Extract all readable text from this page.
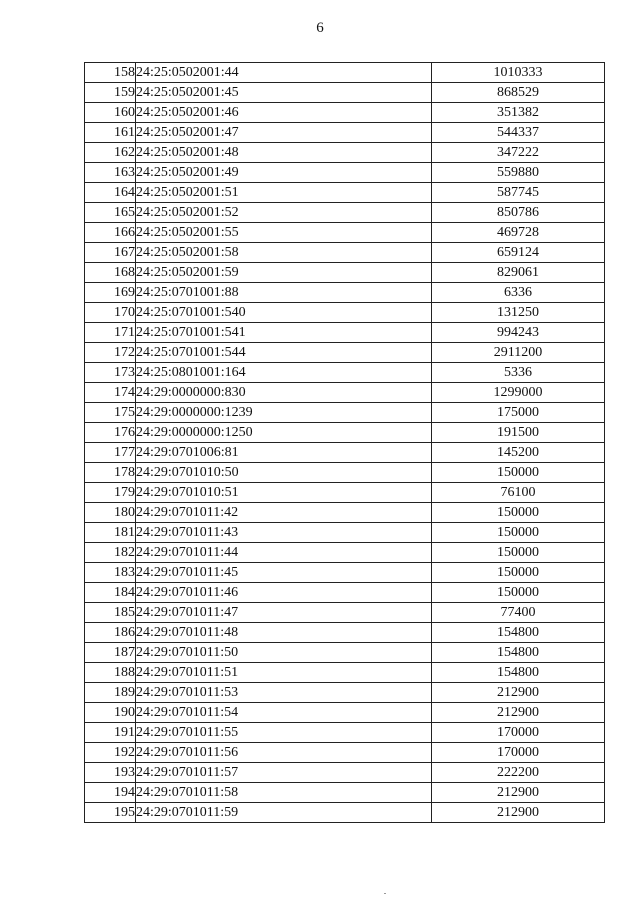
6
158	24:25:0502001:44	1010333
159	24:25:0502001:45	868529
160	24:25:0502001:46	351382
161	24:25:0502001:47	544337
162	24:25:0502001:48	347222
163	24:25:0502001:49	559880
164	24:25:0502001:51	587745
165	24:25:0502001:52	850786
166	24:25:0502001:55	469728
167	24:25:0502001:58	659124
168	24:25:0502001:59	829061
169	24:25:0701001:88	6336
170	24:25:0701001:540	131250
171	24:25:0701001:541	994243
172	24:25:0701001:544	2911200
173	24:25:0801001:164	5336
174	24:29:0000000:830	1299000
175	24:29:0000000:1239	175000
176	24:29:0000000:1250	191500
177	24:29:0701006:81	145200
178	24:29:0701010:50	150000
179	24:29:0701010:51	76100
180	24:29:0701011:42	150000
181	24:29:0701011:43	150000
182	24:29:0701011:44	150000
183	24:29:0701011:45	150000
184	24:29:0701011:46	150000
185	24:29:0701011:47	77400
186	24:29:0701011:48	154800
187	24:29:0701011:50	154800
188	24:29:0701011:51	154800
189	24:29:0701011:53	212900
190	24:29:0701011:54	212900
191	24:29:0701011:55	170000
192	24:29:0701011:56	170000
193	24:29:0701011:57	222200
194	24:29:0701011:58	212900
195	24:29:0701011:59	212900
